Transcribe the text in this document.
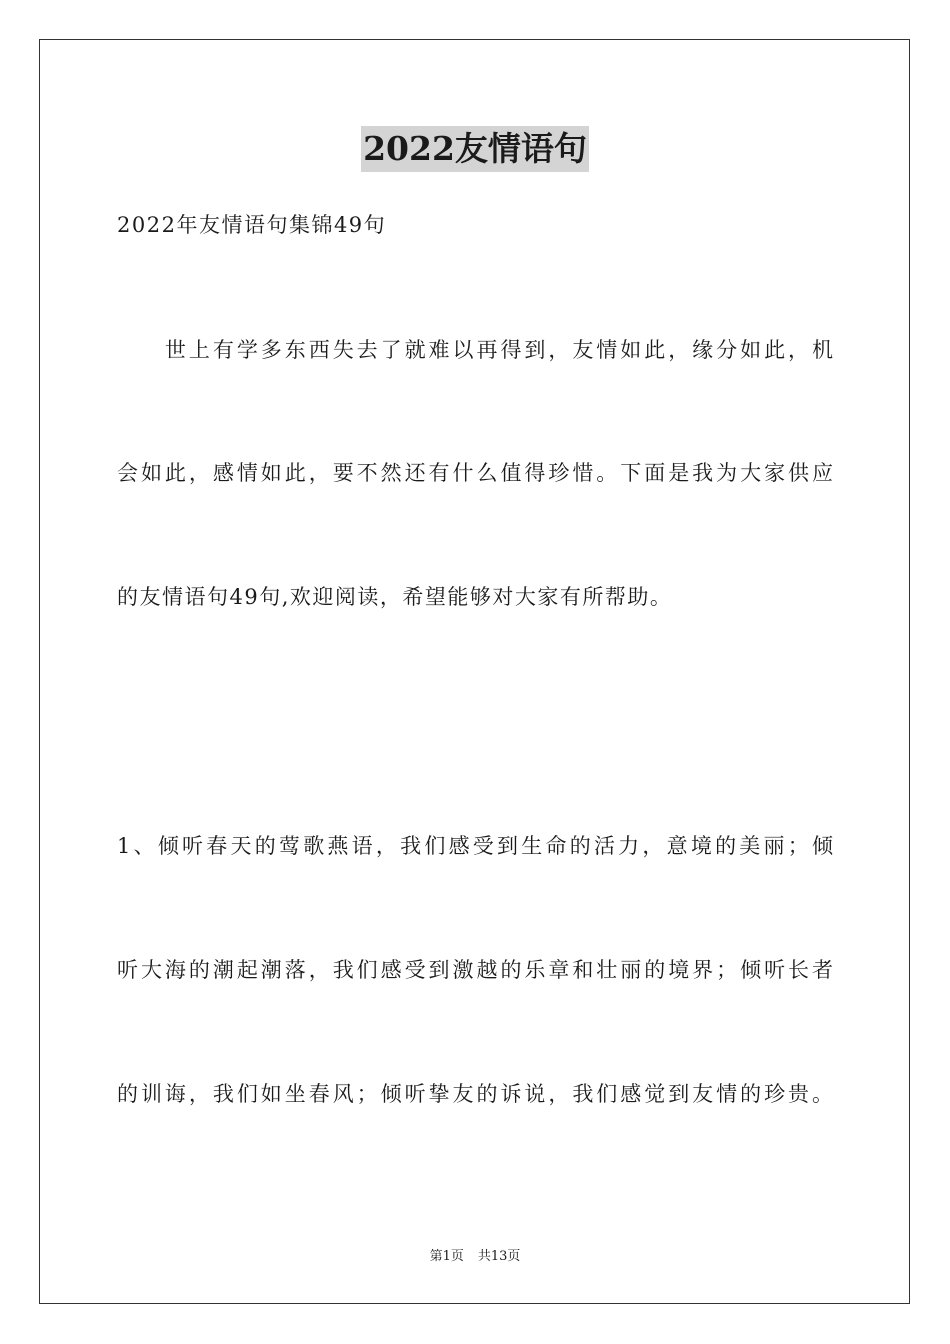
2022友情语句
2022年友情语句集锦49句
　　世上有学多东西失去了就难以再得到，友情如此，缘分如此，机
会如此，感情如此，要不然还有什么值得珍惜。下面是我为大家供应
的友情语句49句,欢迎阅读，希望能够对大家有所帮助。
1、倾听春天的莺歌燕语，我们感受到生命的活力，意境的美丽；倾
听大海的潮起潮落，我们感受到激越的乐章和壮丽的境界；倾听长者
的训诲，我们如坐春风；倾听挚友的诉说，我们感觉到友情的珍贵。
第1页 共13页
